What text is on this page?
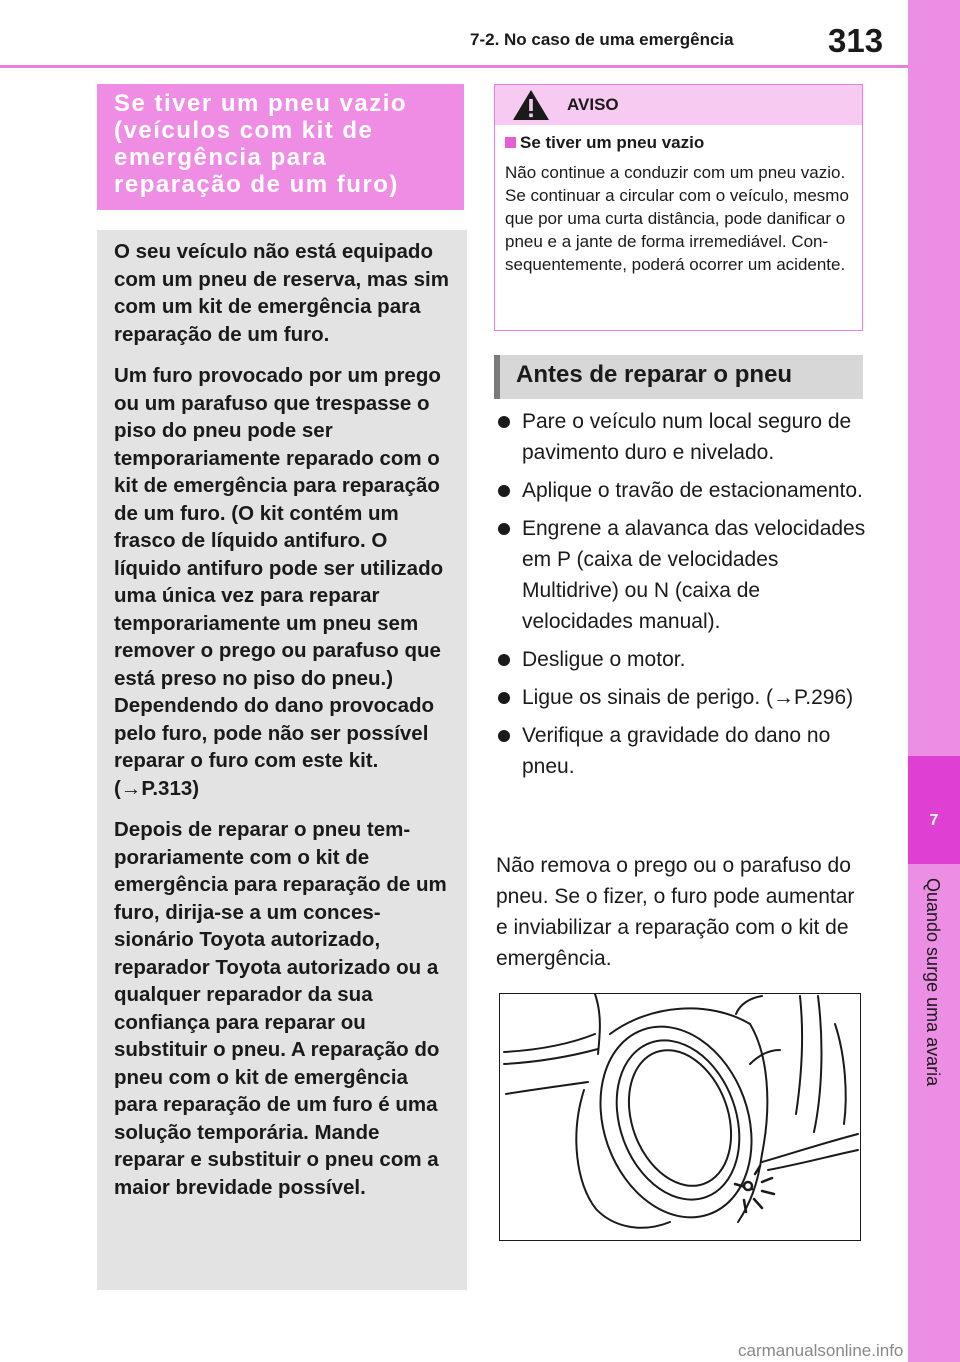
7-2. No caso de uma emergência	313
7
Quando surge uma avaria
Se tiver um pneu vazio
(veículos com kit de
emergência para
reparação de um furo)

O seu veículo não está equipado com um pneu de reserva, mas sim com um kit de emergência para reparação de um furo.

Um furo provocado por um prego ou um parafuso que trespasse o piso do pneu pode ser temporariamente reparado com o kit de emergência para reparação de um furo. (O kit contém um frasco de líquido antifuro. O líquido antifuro pode ser utilizado uma única vez para reparar temporariamente um pneu sem remover o prego ou parafuso que está preso no piso do pneu.) Dependendo do dano provocado pelo furo, pode não ser possível reparar o furo com este kit. (→P.313)

Depois de reparar o pneu temporariamente com o kit de emergência para reparação de um furo, dirija-se a um concessionário Toyota autorizado, reparador Toyota autorizado ou a qualquer reparador da sua confiança para reparar ou substituir o pneu. A reparação do pneu com o kit de emergência para reparação de um furo é uma solução temporária. Mande reparar e substituir o pneu com a maior brevidade possível.

AVISO
Se tiver um pneu vazio
Não continue a conduzir com um pneu vazio. Se continuar a circular com o veículo, mesmo que por uma curta distância, pode danificar o pneu e a jante de forma irremediável. Consequentemente, poderá ocorrer um acidente.
Antes de reparar o pneu
Pare o veículo num local seguro de pavimento duro e nivelado.
Aplique o travão de estacionamento.
Engrene a alavanca das velocidades em P (caixa de velocidades Multidrive) ou N (caixa de velocidades manual).
Desligue o motor.
Ligue os sinais de perigo. (→P.296)
Verifique a gravidade do dano no pneu.
Não remova o prego ou o parafuso do pneu. Se o fizer, o furo pode aumentar e inviabilizar a reparação com o kit de emergência.
carmanualsonline.info
